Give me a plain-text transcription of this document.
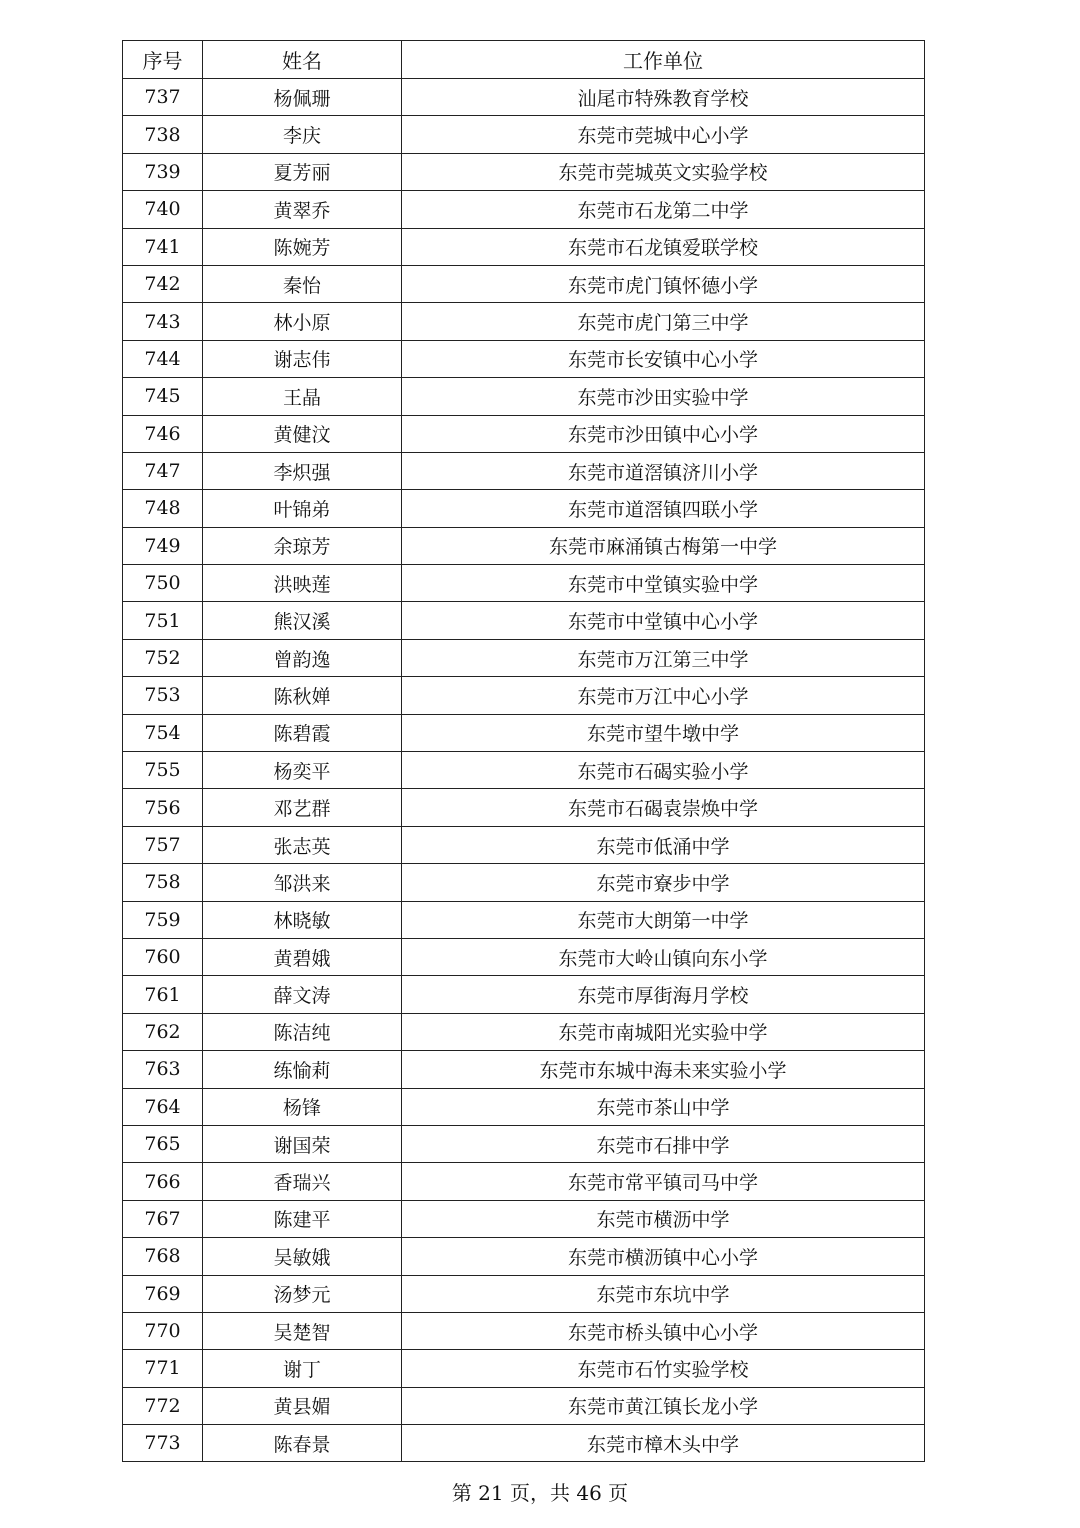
序号	姓名	工作单位
737	杨佩珊	汕尾市特殊教育学校
738	李庆	东莞市莞城中心小学
739	夏芳丽	东莞市莞城英文实验学校
740	黄翠乔	东莞市石龙第二中学
741	陈婉芳	东莞市石龙镇爱联学校
742	秦怡	东莞市虎门镇怀德小学
743	林小原	东莞市虎门第三中学
744	谢志伟	东莞市长安镇中心小学
745	王晶	东莞市沙田实验中学
746	黄健汶	东莞市沙田镇中心小学
747	李炽强	东莞市道滘镇济川小学
748	叶锦弟	东莞市道滘镇四联小学
749	余琼芳	东莞市麻涌镇古梅第一中学
750	洪映莲	东莞市中堂镇实验中学
751	熊汉溪	东莞市中堂镇中心小学
752	曾韵逸	东莞市万江第三中学
753	陈秋婵	东莞市万江中心小学
754	陈碧霞	东莞市望牛墩中学
755	杨奕平	东莞市石碣实验小学
756	邓艺群	东莞市石碣袁崇焕中学
757	张志英	东莞市低涌中学
758	邹洪来	东莞市寮步中学
759	林晓敏	东莞市大朗第一中学
760	黄碧娥	东莞市大岭山镇向东小学
761	薛文涛	东莞市厚街海月学校
762	陈洁纯	东莞市南城阳光实验中学
763	练愉莉	东莞市东城中海未来实验小学
764	杨锋	东莞市茶山中学
765	谢国荣	东莞市石排中学
766	香瑞兴	东莞市常平镇司马中学
767	陈建平	东莞市横沥中学
768	吴敏娥	东莞市横沥镇中心小学
769	汤梦元	东莞市东坑中学
770	吴楚智	东莞市桥头镇中心小学
771	谢丁	东莞市石竹实验学校
772	黄县媚	东莞市黄江镇长龙小学
773	陈春景	东莞市樟木头中学
第 21 页，共 46 页
